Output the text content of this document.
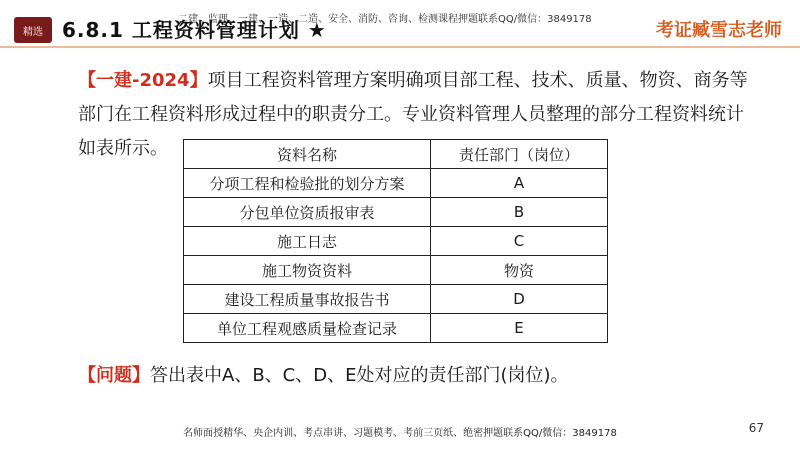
精选 6.8.1 工程资料管理计划 ★
二建、监理、一建、一造、二造、安全、消防、咨询、检测课程押题联系QQ/微信：3849178
考证臧雪志老师
【一建-2024】项目工程资料管理方案明确项目部工程、技术、质量、物资、商务等部门在工程资料形成过程中的职责分工。专业资料管理人员整理的部分工程资料统计如表所示。	资料名称	责任部门（岗位）
分项工程和检验批的划分方案	A
分包单位资质报审表	B
施工日志	C
施工物资资料	物资
建设工程质量事故报告书	D
单位工程观感质量检查记录	E
【问题】答出表中A、B、C、D、E处对应的责任部门(岗位)。
名师面授精华、央企内训、考点串讲、习题模考、考前三页纸、绝密押题联系QQ/微信：3849178	67
